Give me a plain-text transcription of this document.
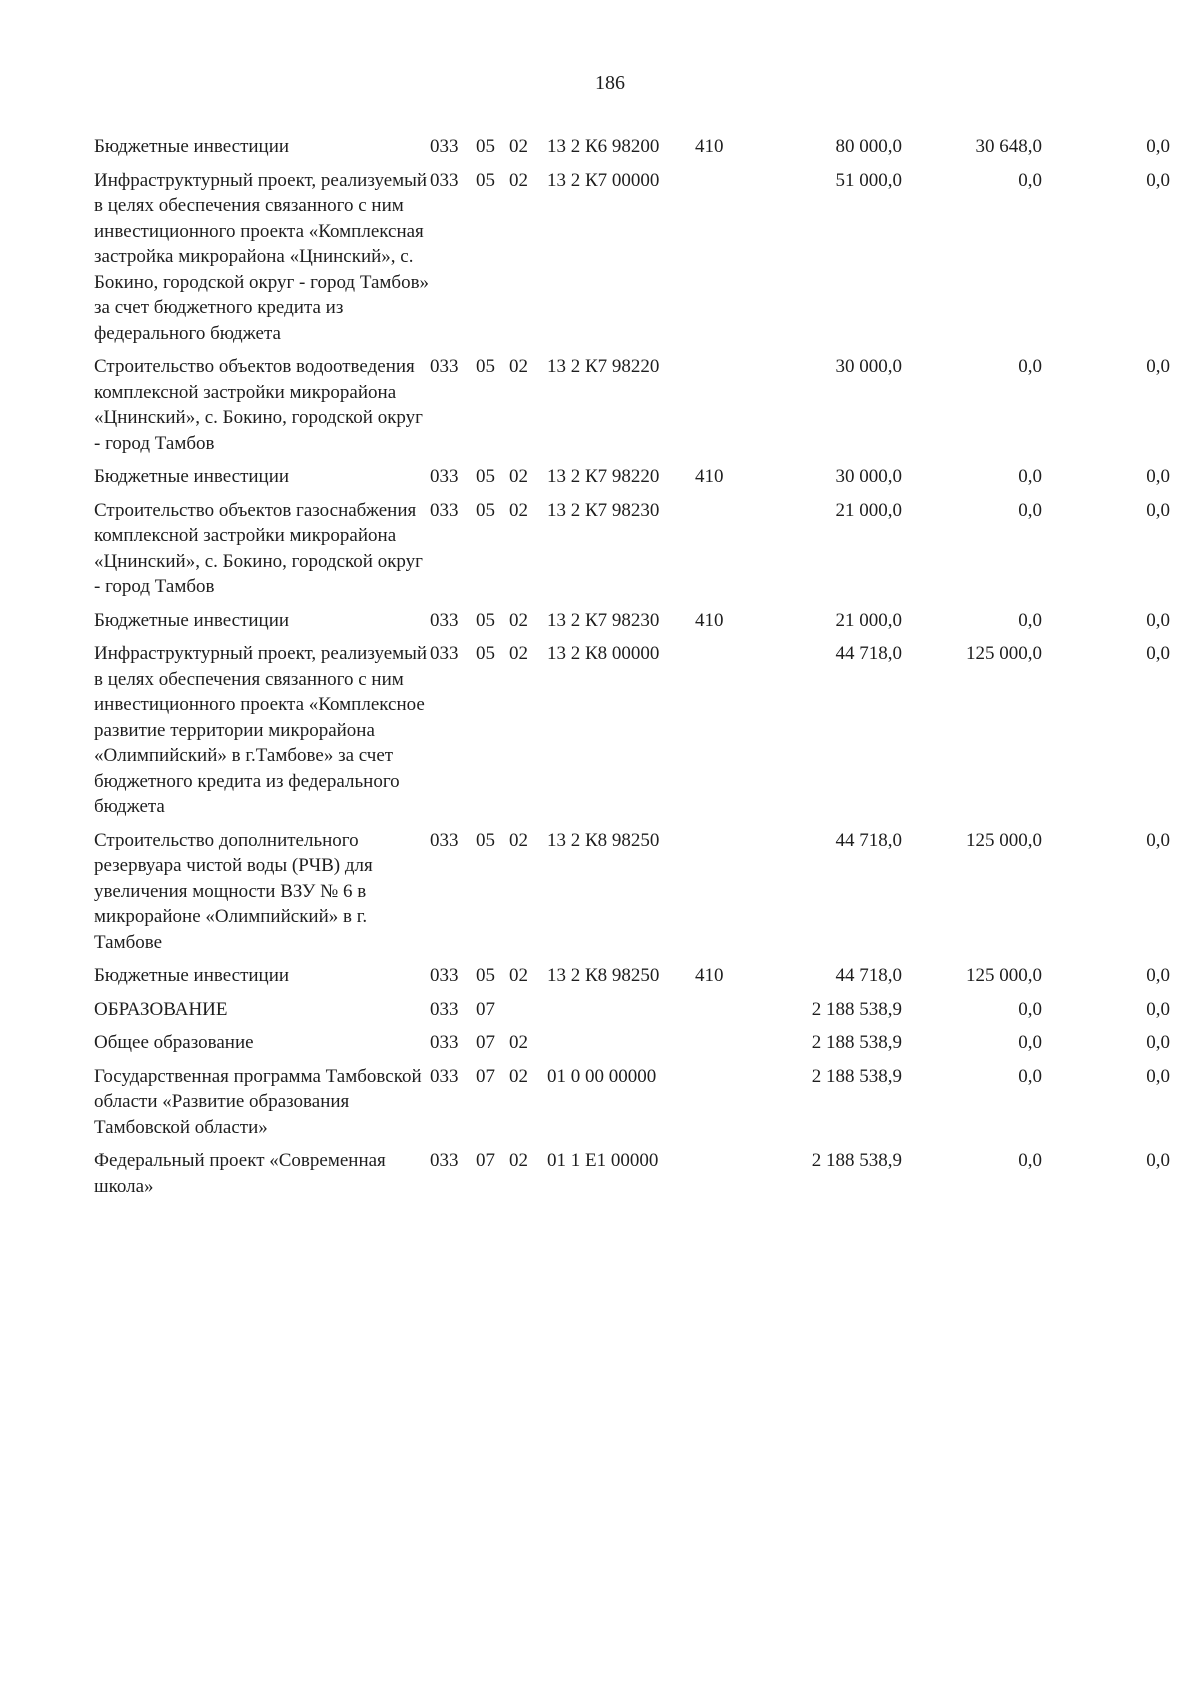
186
Бюджетные инвестиции	033	05	02	13 2 К6 98200	410	80 000,0	30 648,0	0,0
Инфраструктурный проект, реализуемый в целях обеспечения связанного с ним инвестиционного проекта «Комплексная застройка микрорайона «Цнинский», с. Бокино, городской округ - город Тамбов» за счет бюджетного кредита из федерального бюджета	033	05	02	13 2 К7 00000		51 000,0	0,0	0,0
Строительство объектов водоотведения комплексной застройки микрорайона «Цнинский», с. Бокино, городской округ - город Тамбов	033	05	02	13 2 К7 98220		30 000,0	0,0	0,0
Бюджетные инвестиции	033	05	02	13 2 К7 98220	410	30 000,0	0,0	0,0
Строительство объектов газоснабжения комплексной застройки микрорайона «Цнинский», с. Бокино, городской округ - город Тамбов	033	05	02	13 2 К7 98230		21 000,0	0,0	0,0
Бюджетные инвестиции	033	05	02	13 2 К7 98230	410	21 000,0	0,0	0,0
Инфраструктурный проект, реализуемый в целях обеспечения связанного с ним инвестиционного проекта «Комплексное развитие территории микрорайона «Олимпийский» в г.Тамбове» за счет бюджетного кредита из федерального бюджета	033	05	02	13 2 К8 00000		44 718,0	125 000,0	0,0
Строительство дополнительного резервуара чистой воды (РЧВ) для увеличения мощности ВЗУ № 6 в микрорайоне «Олимпийский» в г. Тамбове	033	05	02	13 2 К8 98250		44 718,0	125 000,0	0,0
Бюджетные инвестиции	033	05	02	13 2 К8 98250	410	44 718,0	125 000,0	0,0
ОБРАЗОВАНИЕ	033	07				2 188 538,9	0,0	0,0
Общее образование	033	07	02			2 188 538,9	0,0	0,0
Государственная программа Тамбовской области «Развитие образования Тамбовской области»	033	07	02	01 0 00 00000		2 188 538,9	0,0	0,0
Федеральный проект «Современная школа»	033	07	02	01 1 Е1 00000		2 188 538,9	0,0	0,0
